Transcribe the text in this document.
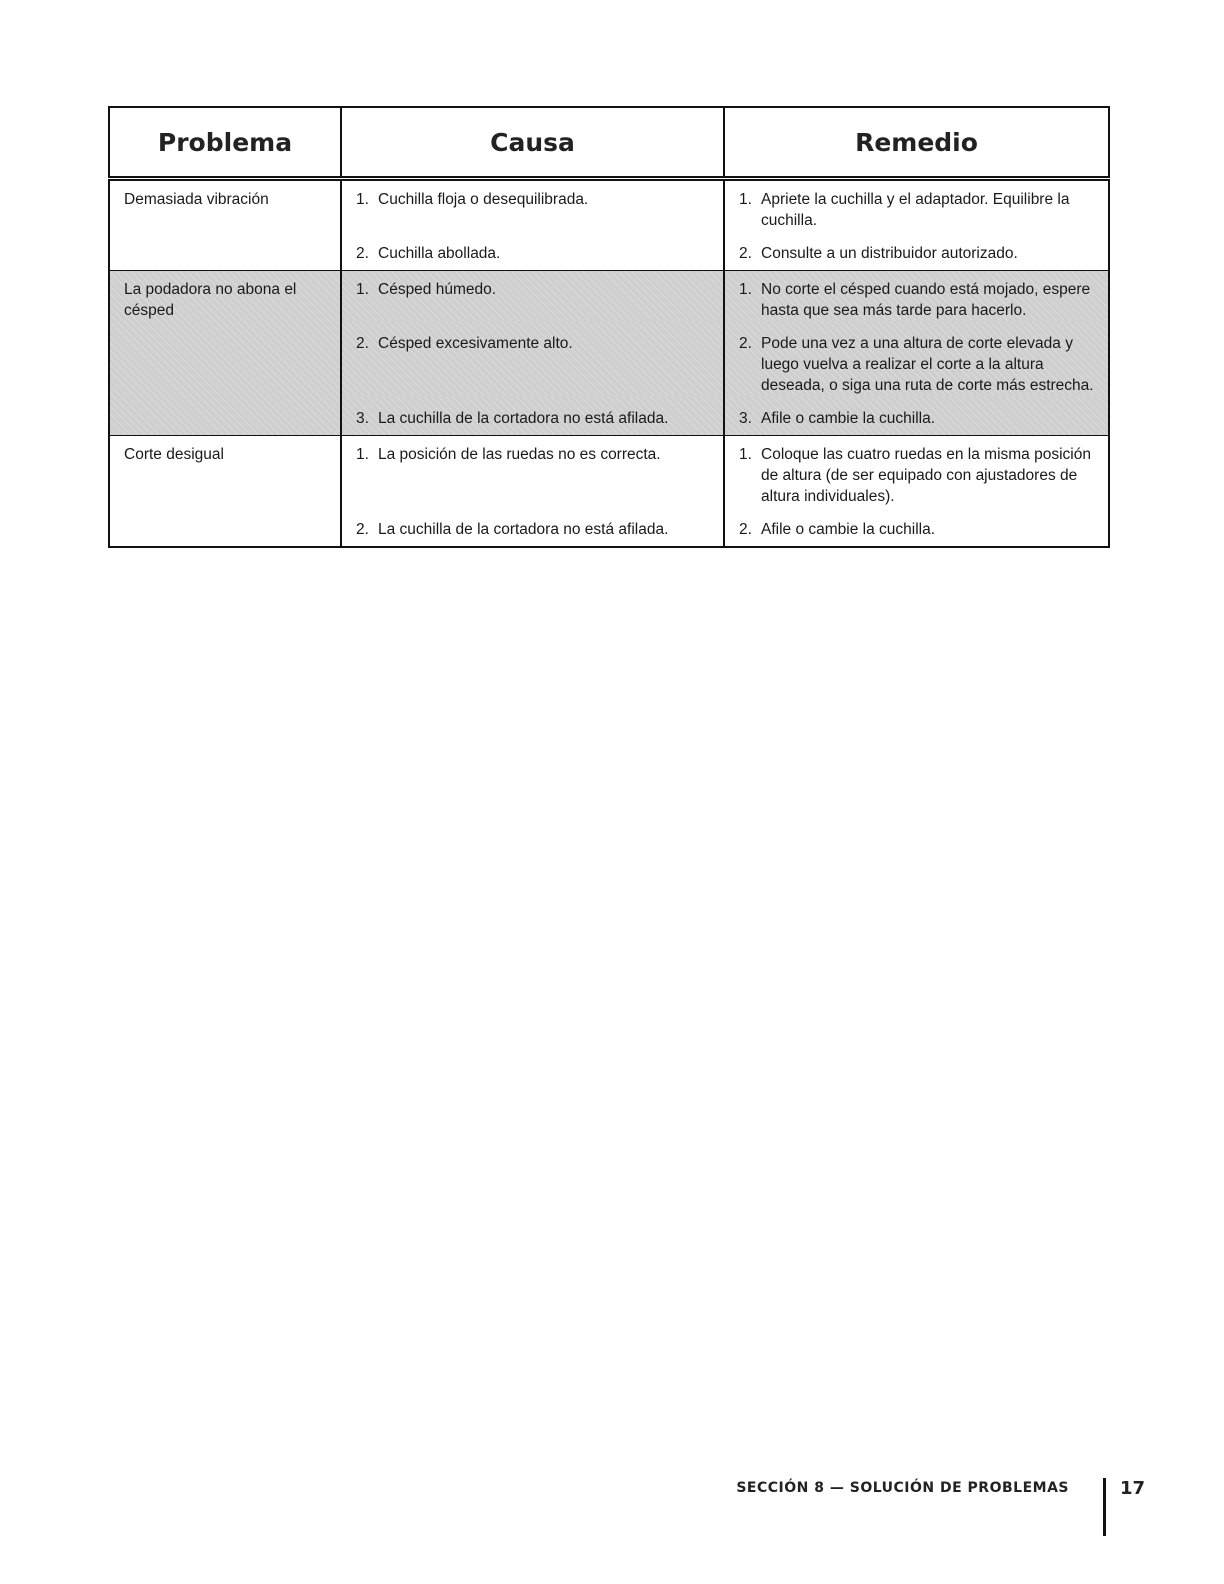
Problema	Causa	Remedio
Demasiada vibración	1. Cuchilla floja o desequilibrada.	1. Apriete la cuchilla y el adaptador. Equilibre la cuchilla.

	2. Cuchilla abollada.	2. Consulte a un distribuidor autorizado.

La podadora no abona el césped	1. Césped húmedo.	1. No corte el césped cuando está mojado, espere hasta que sea más tarde para hacerlo.

	2. Césped excesivamente alto.	2. Pode una vez a una altura de corte elevada y luego vuelva a realizar el corte a la altura deseada, o siga una ruta de corte más estrecha.

	3. La cuchilla de la cortadora no está afilada.	3. Afile o cambie la cuchilla.

Corte desigual	1. La posición de las ruedas no es correcta.	1. Coloque las cuatro ruedas en la misma posición de altura (de ser equipado con ajustadores de altura individuales).

	2. La cuchilla de la cortadora no está afilada.	2. Afile o cambie la cuchilla.
SECCIÓN 8 — SOLUCIÓN DE PROBLEMAS	17
